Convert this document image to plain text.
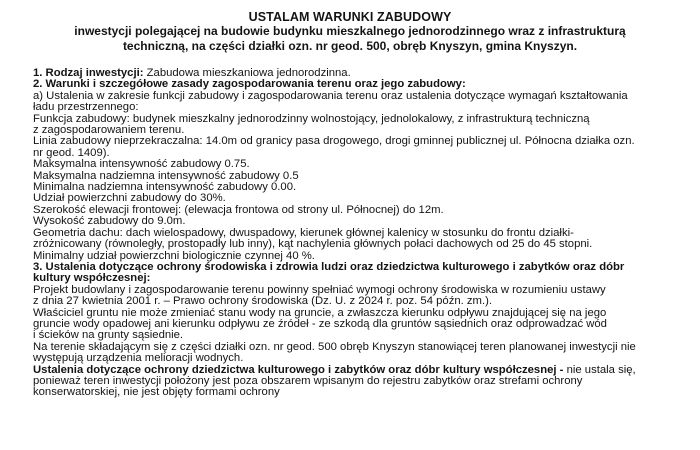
USTALAM WARUNKI ZABUDOWY
inwestycji polegającej na budowie budynku mieszkalnego jednorodzinnego wraz z infrastrukturą
techniczną, na części działki ozn. nr geod. 500, obręb Knyszyn, gmina Knyszyn.
1. Rodzaj inwestycji: Zabudowa mieszkaniowa jednorodzinna.
2. Warunki i szczegółowe zasady zagospodarowania terenu oraz jego zabudowy:
a) Ustalenia w zakresie funkcji zabudowy i zagospodarowania terenu oraz ustalenia dotyczące wymagań kształtowania
ładu przestrzennego:
Funkcja zabudowy: budynek mieszkalny jednorodzinny wolnostojący, jednolokalowy, z infrastrukturą techniczną
z zagospodarowaniem terenu.
Linia zabudowy nieprzekraczalna: 14.0m od granicy pasa drogowego, drogi gminnej publicznej ul. Północna działka ozn.
nr geod. 1409).
Maksymalna intensywność zabudowy 0.75.
Maksymalna nadziemna intensywność zabudowy 0.5
Minimalna nadziemna intensywność zabudowy 0.00.
Udział powierzchni zabudowy do 30%.
Szerokość elewacji frontowej: (elewacja frontowa od strony ul. Północnej) do 12m.
Wysokość zabudowy do 9.0m.
Geometria dachu: dach wielospadowy, dwuspadowy, kierunek głównej kalenicy w stosunku do frontu działki-
zróżnicowany (równoległy, prostopadły lub inny), kąt nachylenia głównych połaci dachowych od 25 do 45 stopni.
Minimalny udział powierzchni biologicznie czynnej 40 %.
3. Ustalenia dotyczące ochrony środowiska i zdrowia ludzi oraz dziedzictwa kulturowego i zabytków oraz dóbr
kultury współczesnej:
Projekt budowlany i zagospodarowanie terenu powinny spełniać wymogi ochrony środowiska w rozumieniu ustawy
z dnia 27 kwietnia 2001 r. – Prawo ochrony środowiska (Dz. U. z 2024 r. poz. 54 późn. zm.).
Właściciel gruntu nie może zmieniać stanu wody na gruncie, a zwłaszcza kierunku odpływu znajdującej się na jego
gruncie wody opadowej ani kierunku odpływu ze źródeł - ze szkodą dla gruntów sąsiednich oraz odprowadzać wód
i ścieków na grunty sąsiednie.
Na terenie składającym się z części działki ozn. nr geod. 500 obręb Knyszyn stanowiącej teren planowanej inwestycji nie
występują urządzenia melioracji wodnych.
Ustalenia dotyczące ochrony dziedzictwa kulturowego i zabytków oraz dóbr kultury współczesnej - nie ustala się,
ponieważ teren inwestycji położony jest poza obszarem wpisanym do rejestru zabytków oraz strefami ochrony
konserwatorskiej, nie jest objęty formami ochrony
